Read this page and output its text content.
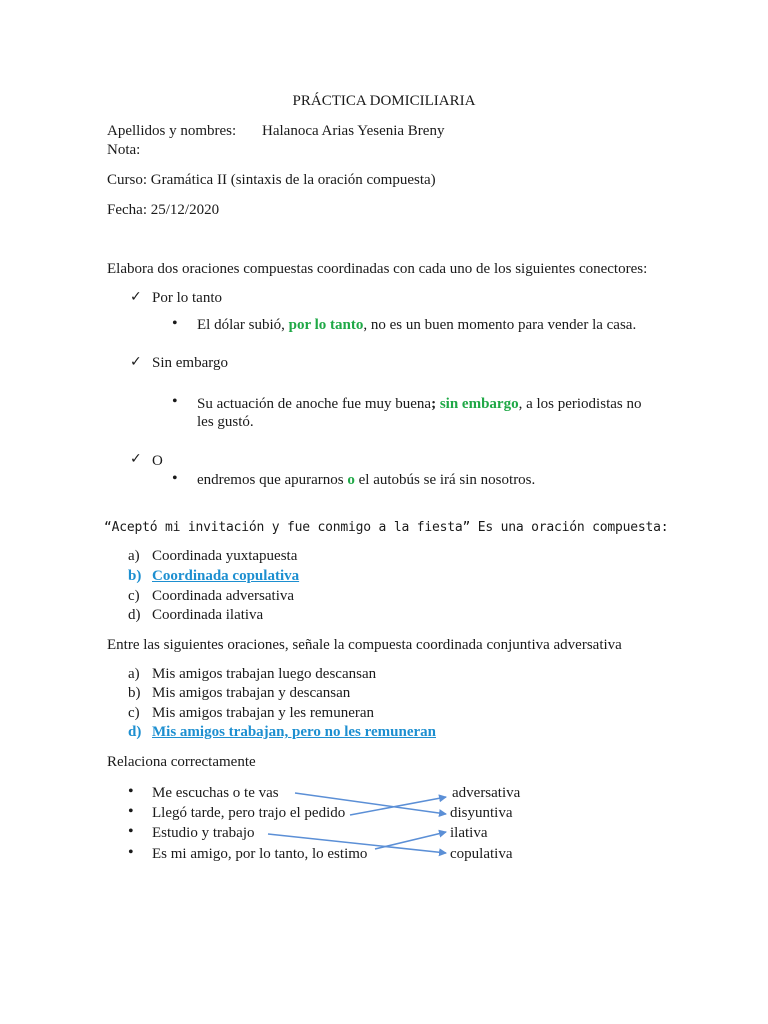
PRÁCTICA DOMICILIARIA
Apellidos y nombres: Halanoca Arias Yesenia Breny
Nota:
Curso: Gramática II (sintaxis de la oración compuesta)
Fecha: 25/12/2020
Elabora dos oraciones compuestas coordinadas con cada uno de los siguientes conectores:
✓ Por lo tanto
• El dólar subió, por lo tanto, no es un buen momento para vender la casa.
✓ Sin embargo
• Su actuación de anoche fue muy buena; sin embargo, a los periodistas no
les gustó.
✓ O
• endremos que apurarnos o el autobús se irá sin nosotros.
“Aceptó mi invitación y fue conmigo a la fiesta” Es una oración compuesta:
a) Coordinada yuxtapuesta
b) Coordinada copulativa
c) Coordinada adversativa
d) Coordinada ilativa
Entre las siguientes oraciones, señale la compuesta coordinada conjuntiva adversativa
a) Mis amigos trabajan luego descansan
b) Mis amigos trabajan y descansan
c) Mis amigos trabajan y les remuneran
d) Mis amigos trabajan, pero no les remuneran
Relaciona correctamente
• Me escuchas o te vas
• Llegó tarde, pero trajo el pedido
• Estudio y trabajo
• Es mi amigo, por lo tanto, lo estimo
adversativa
disyuntiva
ilativa
copulativa
